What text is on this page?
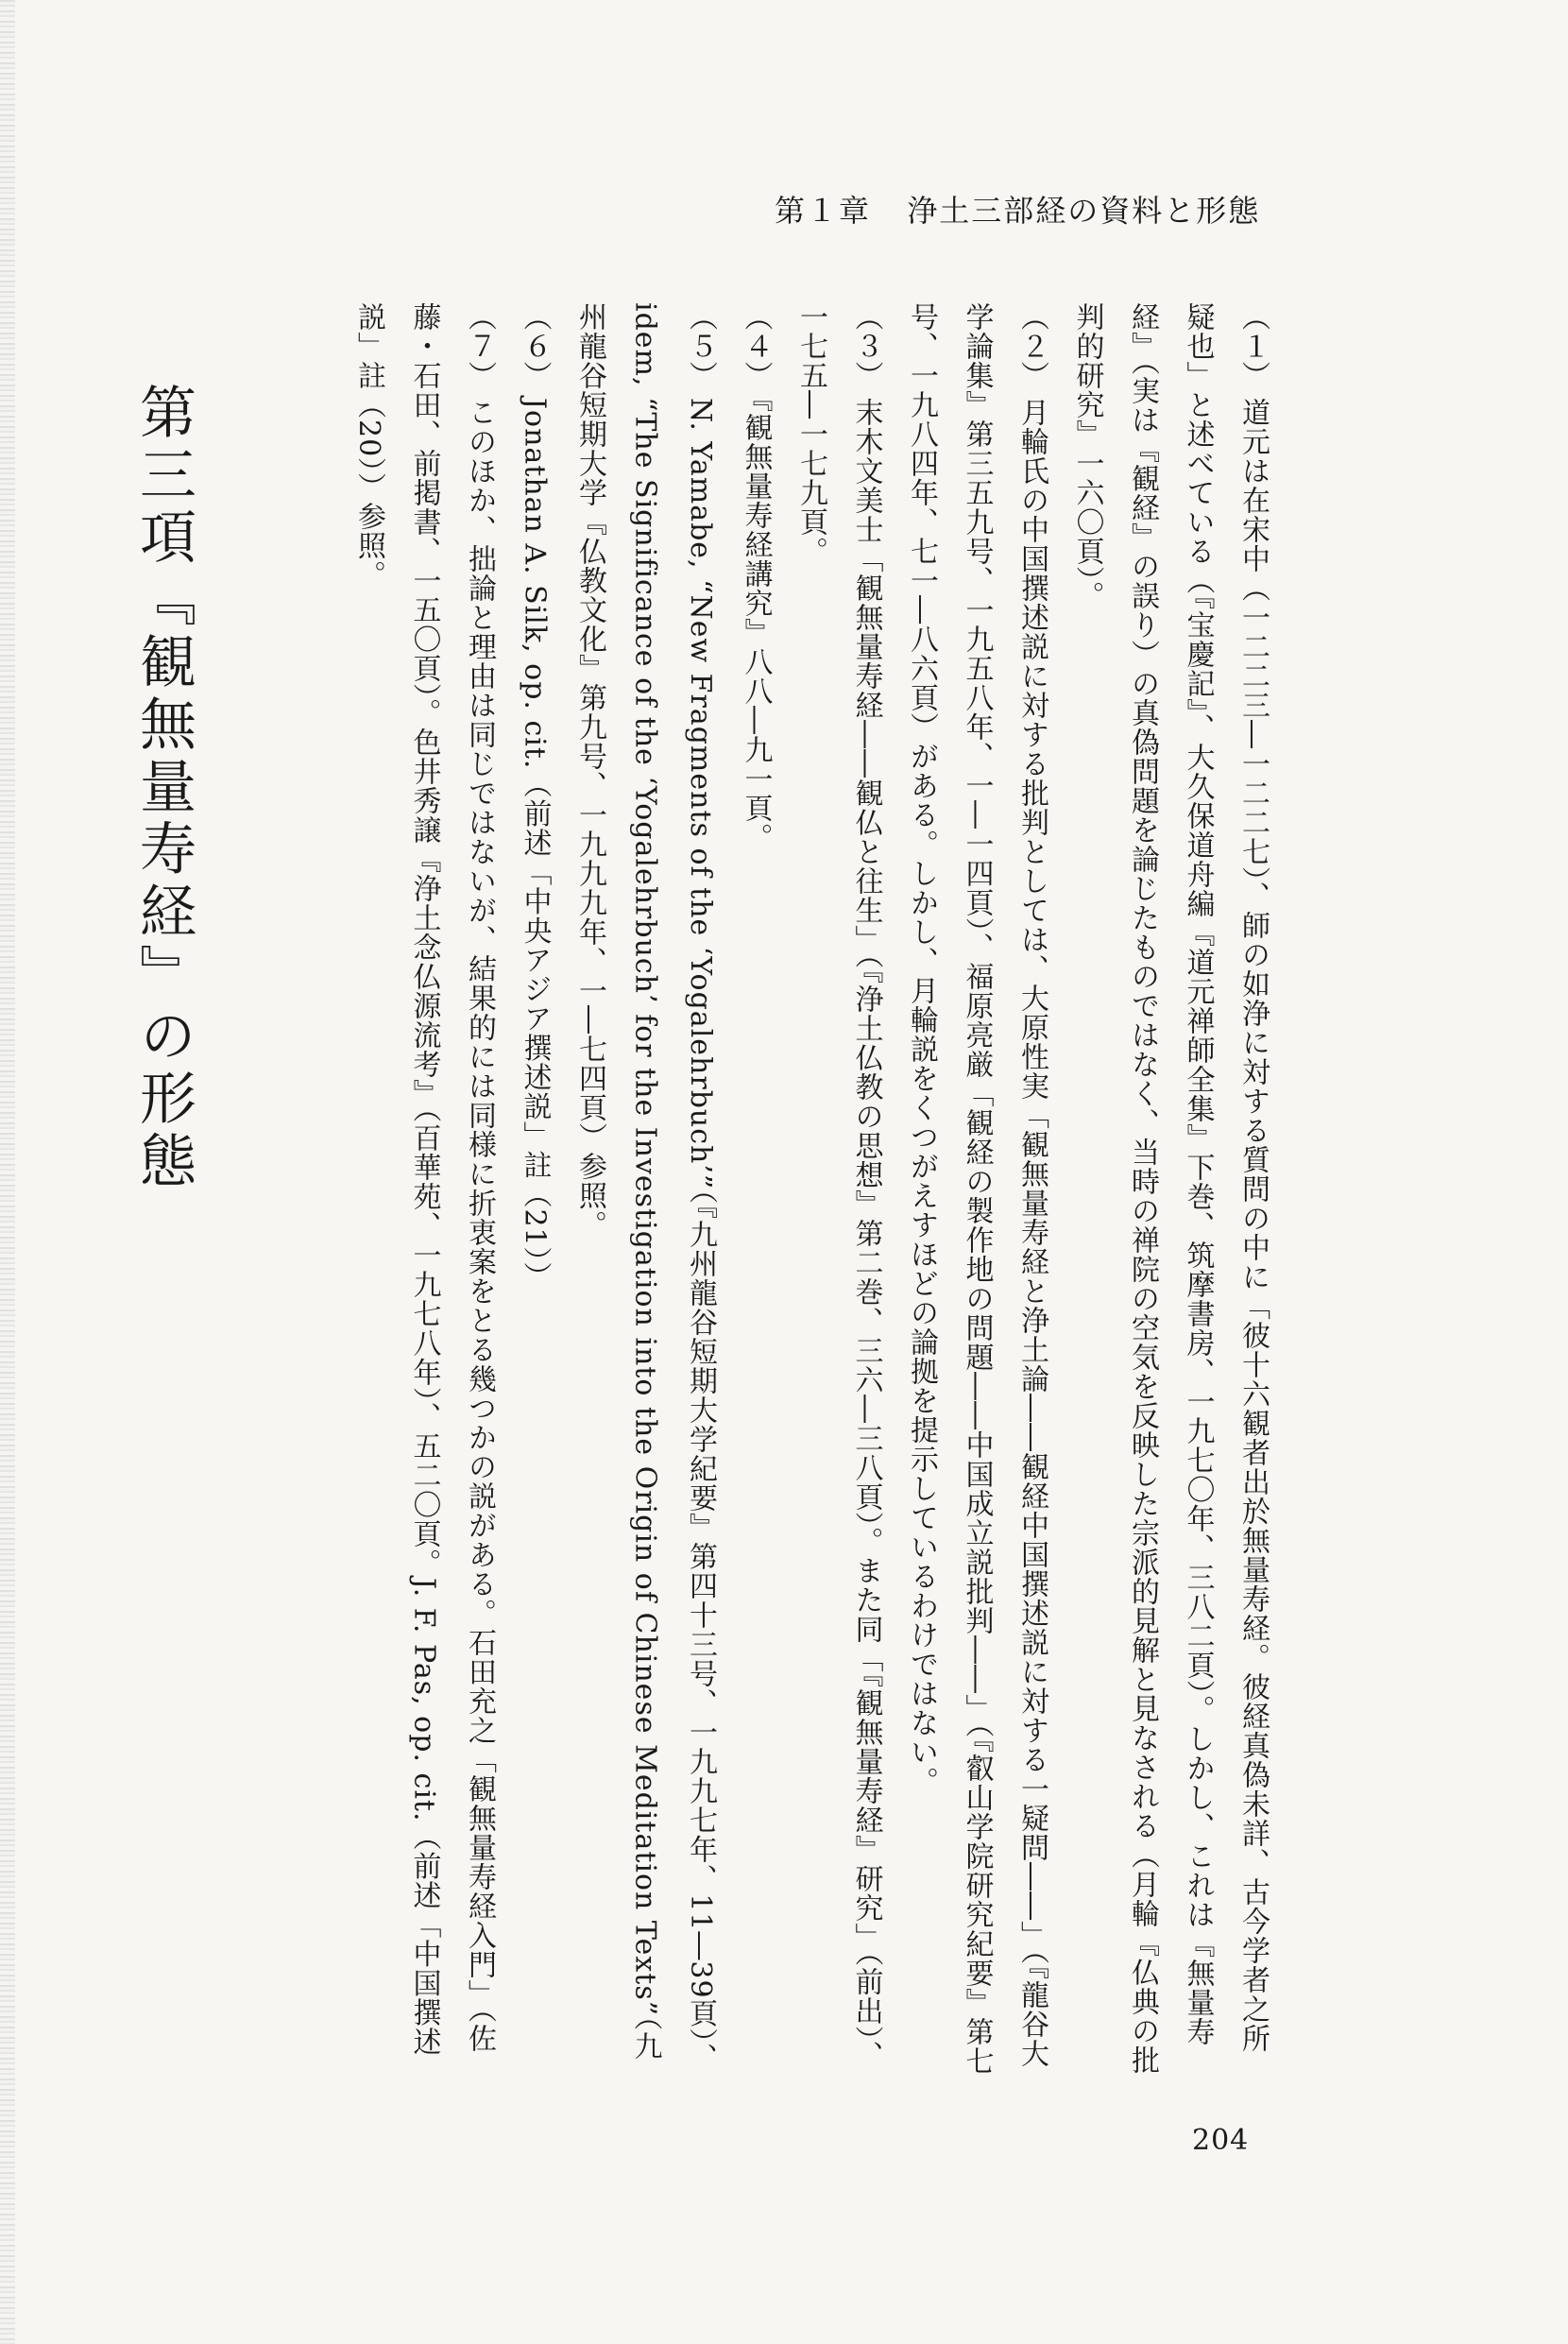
第１章 浄土三部経の資料と形態

（１）道元は在宋中（一二二三―一二二七）、師の如浄に対する質問の中に「彼十六観者出於無量寿経。彼経真偽未詳、古今学者之所疑也」と述べている（『宝慶記』、大久保道舟編『道元禅師全集』下巻、筑摩書房、一九七〇年、三八二頁）。しかし、これは『無量寿経』（実は『観経』の誤り）の真偽問題を論じたものではなく、当時の禅院の空気を反映した宗派的見解と見なされる（月輪『仏典の批判的研究』一六〇頁）。

（２）月輪氏の中国撰述説に対する批判としては、大原性実「観無量寿経と浄土論――観経中国撰述説に対する一疑問――」（『龍谷大学論集』第三五九号、一九五八年、一―一四頁）、福原亮厳「観経の製作地の問題――中国成立説批判――」（『叡山学院研究紀要』第七号、一九八四年、七一―八六頁）がある。しかし、月輪説をくつがえすほどの論拠を提示しているわけではない。

（３）末木文美士「観無量寿経――観仏と往生」（『浄土仏教の思想』第二巻、三六―三八頁）。また同「『観無量寿経』研究」（前出）、一七五―一七九頁。

（４）『観無量寿経講究』八八―九一頁。

（５）N. Yamabe, “New Fragments of the ‘Yogalehrbuch’”（『九州龍谷短期大学紀要』第四十三号、一九九七年、11―39頁）、idem, “The Significance of the ‘Yogalehrbuch’ for the Investigation into the Origin of Chinese Meditation Texts”（九州龍谷短期大学『仏教文化』第九号、一九九九年、一―七四頁）参照。

（６）Jonathan A. Silk, op. cit.（前述「中央アジア撰述説」註（21））

（７）このほか、拙論と理由は同じではないが、結果的には同様に折衷案をとる幾つかの説がある。石田充之「観無量寿経入門」（佐藤・石田、前掲書、一五〇頁）。色井秀譲『浄土念仏源流考』（百華苑、一九七八年）、五二〇頁。J. F. Pas, op. cit.（前述「中国撰述説」註（20））参照。

第三項『観無量寿経』の形態
204
